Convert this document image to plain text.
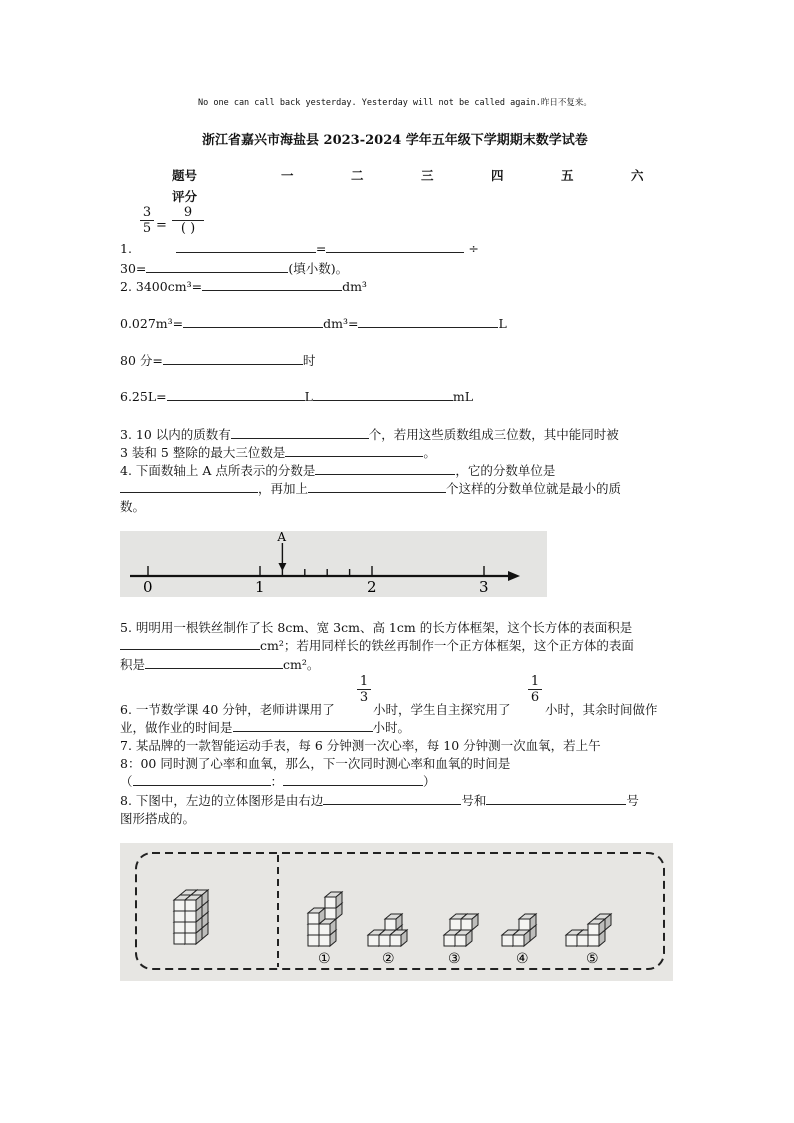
No one can call back yesterday. Yesterday will not be called again.昨日不复来。
浙江省嘉兴市海盐县 2023-2024 学年五年级下学期期末数学试卷
题号	一	二	三	四	五	六
评分
3
5 =
9
( )
1.	=	÷
30=	(填小数)。
2. 3400cm³=	dm³
0.027m³=	dm³=	L
80 分=	时
6.25L=	L	mL
3. 10 以内的质数有	个，若用这些质数组成三位数，其中能同时被
3 装和 5 整除的最大三位数是	。
4. 下面数轴上 A 点所表示的分数是	，它的分数单位是
，再加上	个这样的分数单位就是最小的质
数。
0	1	2	3
A
5. 明明用一根铁丝制作了长 8cm、宽 3cm、高 1cm 的长方体框架，这个长方体的表面积是
cm²；若用同样长的铁丝再制作一个正方体框架，这个正方体的表面
积是	cm²。
1
3
1
6
6. 一节数学课 40 分钟，老师讲课用了	小时，学生自主探究用了	小时，其余时间做作
业，做作业的时间是	小时。
7. 某品牌的一款智能运动手表，每 6 分钟测一次心率，每 10 分钟测一次血氧，若上午
8：00 同时测了心率和血氧，那么，下一次同时测心率和血氧的时间是
（	：	）
8. 下图中，左边的立体图形是由右边	号和	号
图形搭成的。
①	②	③	④	⑤
